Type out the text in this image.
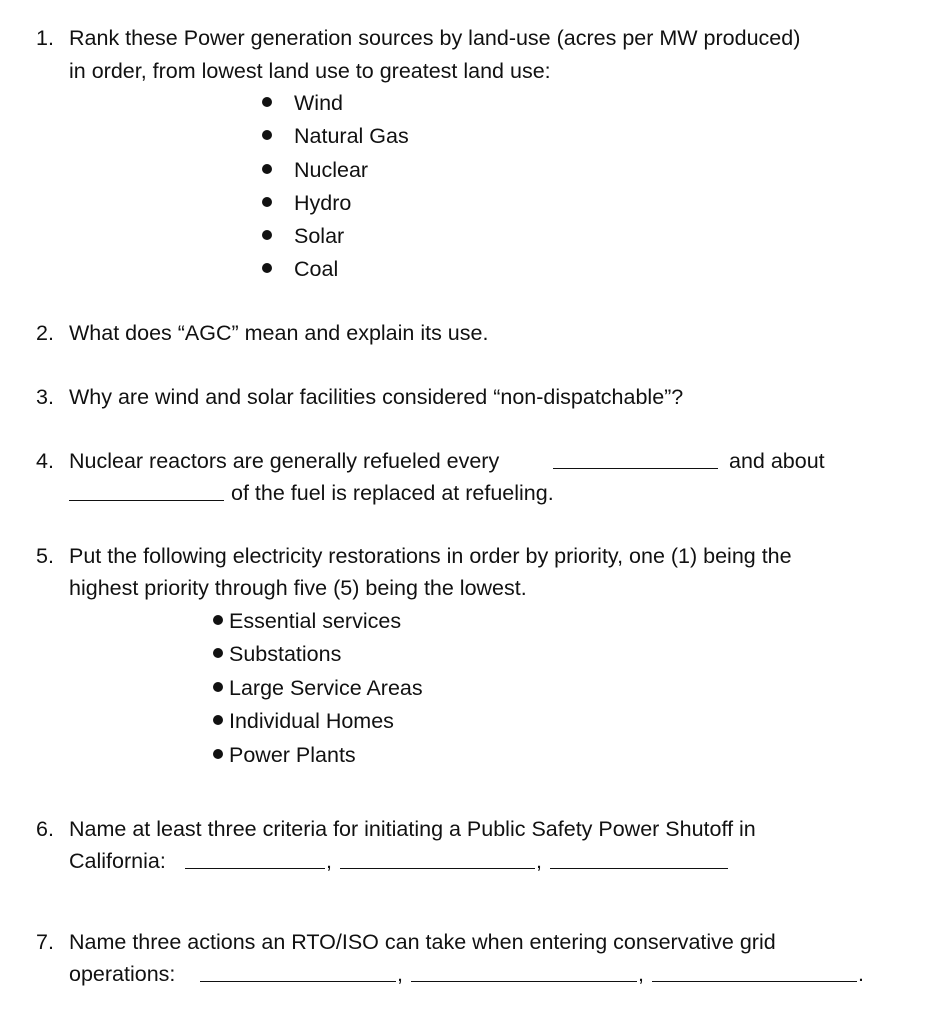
1. Rank these Power generation sources by land-use (acres per MW produced)
in order, from lowest land use to greatest land use:
Wind
Natural Gas
Nuclear
Hydro
Solar
Coal
2. What does “AGC” mean and explain its use.
3. Why are wind and solar facilities considered “non-dispatchable”?
4. Nuclear reactors are generally refueled every	and about
of the fuel is replaced at refueling.
5. Put the following electricity restorations in order by priority, one (1) being the
highest priority through five (5) being the lowest.
Essential services
Substations
Large Service Areas
Individual Homes
Power Plants
6. Name at least three criteria for initiating a Public Safety Power Shutoff in
California:	,	,
7. Name three actions an RTO/ISO can take when entering conservative grid
operations:	,	,	.
